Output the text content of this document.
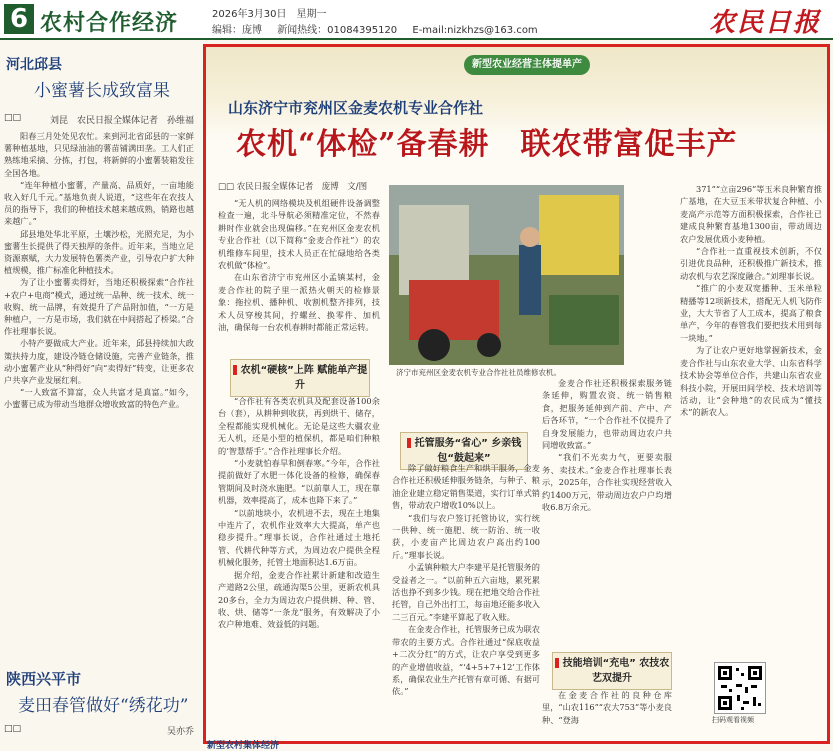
6 农村合作经济	2026年3月30日　星期一
编辑：庞博 新闻热线：01084395120 E-mail:nizkhzs@163.com	农民日报
河北邱县
小蜜薯长成致富果
□□	刘昆　农民日报全媒体记者　孙维福

阳春三月处处见农忙。来到河北省邱县的一家鲜薯种植基地，只见绿油油的薯苗铺满田垄。工人们正熟练地采摘、分拣，打包，将新鲜的小蜜薯装箱发往全国各地。

“连年种植小蜜薯，产量高、品质好，一亩地能收入好几千元。”基地负责人说道，“这些年在农技人员的指导下，我们的种植技术越来越成熟，销路也越来越广。”

邱县地处华北平原，土壤沙松，光照充足，为小蜜薯生长提供了得天独厚的条件。近年来，当地立足资源禀赋，大力发展特色薯类产业，引导农户扩大种植规模，推广标准化种植技术。

为了让小蜜薯卖得好，当地还积极探索“合作社+农户+电商”模式，通过统一品种、统一技术、统一收购、统一品牌，有效提升了产品附加值，“一方是种植户，一方是市场，我们就在中间搭起了桥梁。”合作社理事长说。

小特产要做成大产业。近年来，邱县持续加大政策扶持力度，建设冷链仓储设施，完善产业链条，推动小蜜薯产业从“种得好”向“卖得好”转变，让更多农户共享产业发展红利。

“一人致富不算富，众人共富才是真富。”如今，小蜜薯已成为带动当地群众增收致富的特色产业。

陕西兴平市
麦田春管做好“绣花功”
□□	吴亦乔
新型农业经营主体提单产
山东济宁市兖州区金麦农机专业合作社
农机“体检”备春耕　联农带富促丰产
□□ 农民日报全媒体记者　庞博　文/图

“无人机的网络模块及机组硬件设备调整检查一遍，北斗导航必须精准定位，不然春耕时作业就会出现偏移。”在兖州区金麦农机专业合作社（以下简称“金麦合作社”）的农机维修车间里，技术人员正在忙碌地给各类农机做“体检”。

在山东省济宁市兖州区小孟镇某村，金麦合作社的院子里一派热火朝天的检修景象：拖拉机、播种机、收割机整齐排列，技术人员穿梭其间，拧螺丝、换零件、加机油，确保每一台农机春耕时都能正常运转。

农机“硬核”上阵 赋能单产提升

“合作社有各类农机具及配套设备100余台（套），从耕种到收获，再到烘干、储存，全程都能实现机械化。无论是这些大疆农业无人机，还是小型的植保机，都是咱们种粮的‘智慧帮手’。”合作社理事长介绍。

“小麦就怕春旱和倒春寒。”今年，合作社提前做好了水肥一体化设备的检修，确保春管期间及时浇水施肥。“以前靠人工，现在靠机器，效率提高了，成本也降下来了。”

“以前地块小，农机进不去，现在土地集中连片了，农机作业效率大大提高，单产也稳步提升。”理事长说，合作社通过土地托管、代耕代种等方式，为周边农户提供全程机械化服务，托管土地面积达1.6万亩。

据介绍，金麦合作社累计新建和改造生产道路2公里，疏通沟渠5公里，更新农机具20多台，全力为周边农户提供耕、种、管、收、烘、储等“一条龙”服务，有效解决了小农户种地难、效益低的问题。

济宁市兖州区金麦农机专业合作社社员维修农机。
托管服务“省心” 乡亲钱包“鼓起来”

除了做好粮食生产和烘干服务，金麦合作社还积极延伸服务链条，与种子、粮油企业建立稳定销售渠道，实行订单式销售，带动农户增收10%以上。

“我们与农户签订托管协议，实行统一供种、统一施肥、统一防治、统一收获，小麦亩产比周边农户高出约100斤。”理事长说。

小孟镇种粮大户李建平是托管服务的受益者之一。“以前种五六亩地，累死累活也挣不到多少钱。现在把地交给合作社托管，自己外出打工，每亩地还能多收入二三百元。”李建平算起了收入账。

在金麦合作社，托管服务已成为联农带农的主要方式。合作社通过“保底收益+二次分红”的方式，让农户享受到更多的产业增值收益，“‘4+5+7+12’工作体系，确保农业生产托管有章可循、有据可依。”

金麦合作社还积极探索服务链条延伸，购置农资、统一销售粮食，把服务延伸到产前、产中、产后各环节，“一个合作社不仅提升了自身发展能力，也带动周边农户共同增收致富。”

“我们不光卖力气，更要卖服务、卖技术。”金麦合作社理事长表示，2025年，合作社实现经营收入约1400万元，带动周边农户户均增收6.8万余元。

技能培训“充电” 农技农艺双提升

在金麦合作社的良种仓库里，“山农116”“农大753”等小麦良种、“登海

371”“立亩296”等玉米良种繁育推广基地，在大豆玉米带状复合种植、小麦高产示范等方面积极探索，合作社已建成良种繁育基地1300亩，带动周边农户发展优质小麦种植。

“合作社一直重视技术创新，不仅引进优良品种，还积极推广新技术，推动农机与农艺深度融合。”刘理事长说。

“推广的小麦双宽播种、玉米单粒精播等12项新技术，搭配无人机飞防作业，大大节省了人工成本，提高了粮食单产，今年的春管我们要把技术用到每一块地。”

为了让农户更好地掌握新技术，金麦合作社与山东农业大学、山东省科学技术协会等单位合作，共建山东省农业科技小院，开展田间学校、技术培训等活动，让“会种地”的农民成为“懂技术”的新农人。

扫码观看视频
新型农村集体经济
